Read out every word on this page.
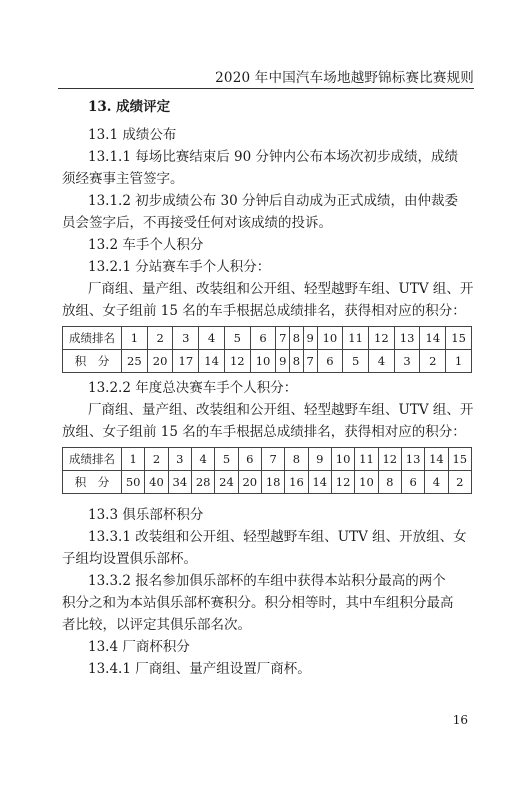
2020 年中国汽车场地越野锦标赛比赛规则

13. 成绩评定

13.1 成绩公布

13.1.1 每场比赛结束后 90 分钟内公布本场次初步成绩，成绩

须经赛事主管签字。

13.1.2 初步成绩公布 30 分钟后自动成为正式成绩，由仲裁委

员会签字后，不再接受任何对该成绩的投诉。

13.2 车手个人积分

13.2.1 分站赛车手个人积分：

厂商组、量产组、改装组和公开组、轻型越野车组、UTV 组、开

放组、女子组前 15 名的车手根据总成绩排名，获得相对应的积分：

成绩排名	1	2	3	4	5	6	7	8	9	10	11	12	13	14	15
积　分	25	20	17	14	12	10	9	8	7	6	5	4	3	2	1

13.2.2 年度总决赛车手个人积分：

厂商组、量产组、改装组和公开组、轻型越野车组、UTV 组、开

放组、女子组前 15 名的车手根据总成绩排名，获得相对应的积分：

成绩排名	1	2	3	4	5	6	7	8	9	10	11	12	13	14	15
积　分	50	40	34	28	24	20	18	16	14	12	10	8	6	4	2

13.3 俱乐部杯积分

13.3.1 改装组和公开组、轻型越野车组、UTV 组、开放组、女

子组均设置俱乐部杯。

13.3.2 报名参加俱乐部杯的车组中获得本站积分最高的两个

积分之和为本站俱乐部杯赛积分。积分相等时，其中车组积分最高

者比较，以评定其俱乐部名次。

13.4 厂商杯积分

13.4.1 厂商组、量产组设置厂商杯。

16
